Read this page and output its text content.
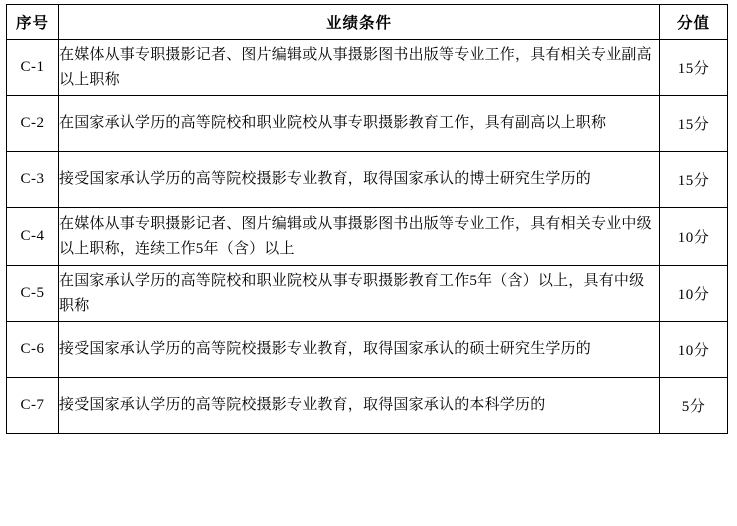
序号	业绩条件	分值
C-1	在媒体从事专职摄影记者、图片编辑或从事摄影图书出版等专业工作，具有相关专业副高以上职称	15分
C-2	在国家承认学历的高等院校和职业院校从事专职摄影教育工作，具有副高以上职称	15分
C-3	接受国家承认学历的高等院校摄影专业教育，取得国家承认的博士研究生学历的	15分
C-4	在媒体从事专职摄影记者、图片编辑或从事摄影图书出版等专业工作，具有相关专业中级以上职称，连续工作5年（含）以上	10分
C-5	在国家承认学历的高等院校和职业院校从事专职摄影教育工作5年（含）以上，具有中级职称	10分
C-6	接受国家承认学历的高等院校摄影专业教育，取得国家承认的硕士研究生学历的	10分
C-7	接受国家承认学历的高等院校摄影专业教育，取得国家承认的本科学历的	5分
